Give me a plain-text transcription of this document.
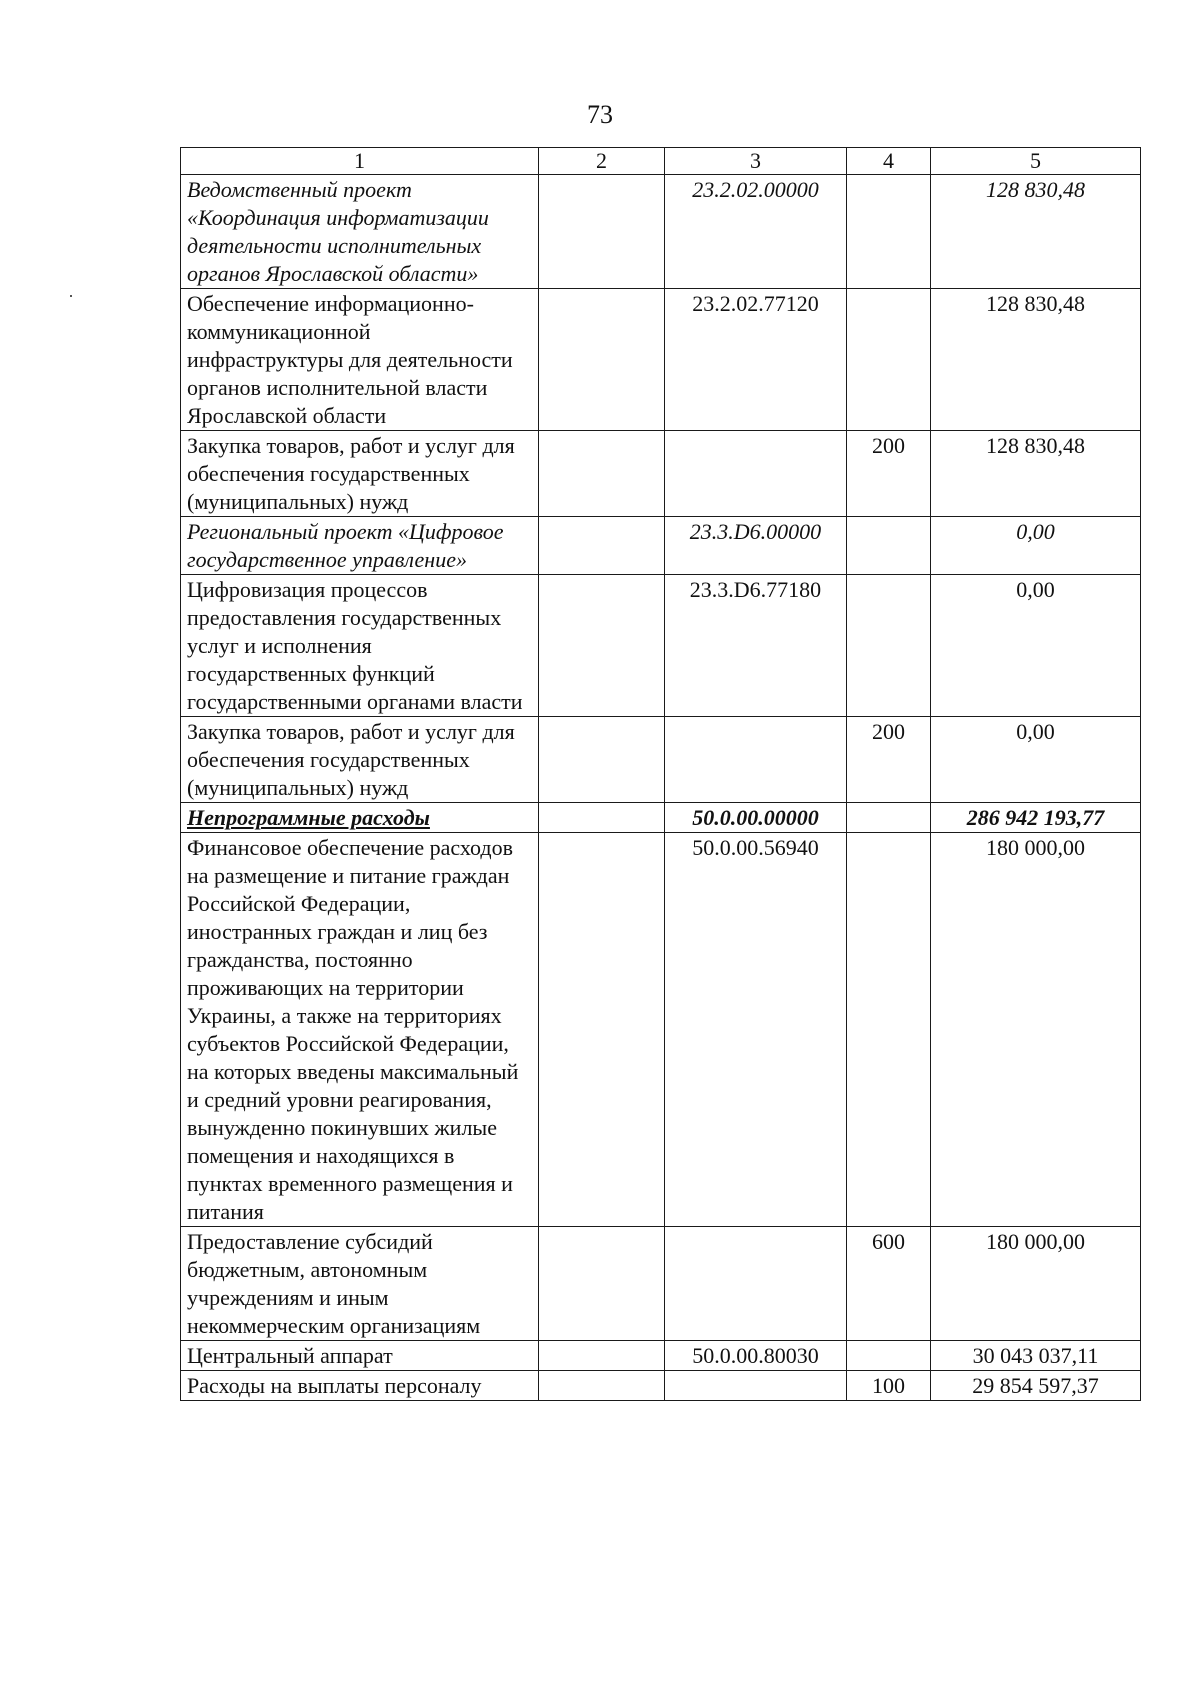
73
1	2	3	4	5
Ведомственный проект «Координация информатизации деятельности исполнительных органов Ярославской области»		23.2.02.00000		128 830,48
Обеспечение информационно-коммуникационной инфраструктуры для деятельности органов исполнительной власти Ярославской области		23.2.02.77120		128 830,48
Закупка товаров, работ и услуг для обеспечения государственных (муниципальных) нужд			200	128 830,48
Региональный проект «Цифровое государственное управление»		23.3.D6.00000		0,00
Цифровизация процессов предоставления государственных услуг и исполнения государственных функций государственными органами власти		23.3.D6.77180		0,00
Закупка товаров, работ и услуг для обеспечения государственных (муниципальных) нужд			200	0,00
Непрограммные расходы		50.0.00.00000		286 942 193,77
Финансовое обеспечение расходов на размещение и питание граждан Российской Федерации, иностранных граждан и лиц без гражданства, постоянно проживающих на территории Украины, а также на территориях субъектов Российской Федерации, на которых введены максимальный и средний уровни реагирования, вынужденно покинувших жилые помещения и находящихся в пунктах временного размещения и питания		50.0.00.56940		180 000,00
Предоставление субсидий бюджетным, автономным учреждениям и иным некоммерческим организациям			600	180 000,00
Центральный аппарат		50.0.00.80030		30 043 037,11
Расходы на выплаты персоналу			100	29 854 597,37
